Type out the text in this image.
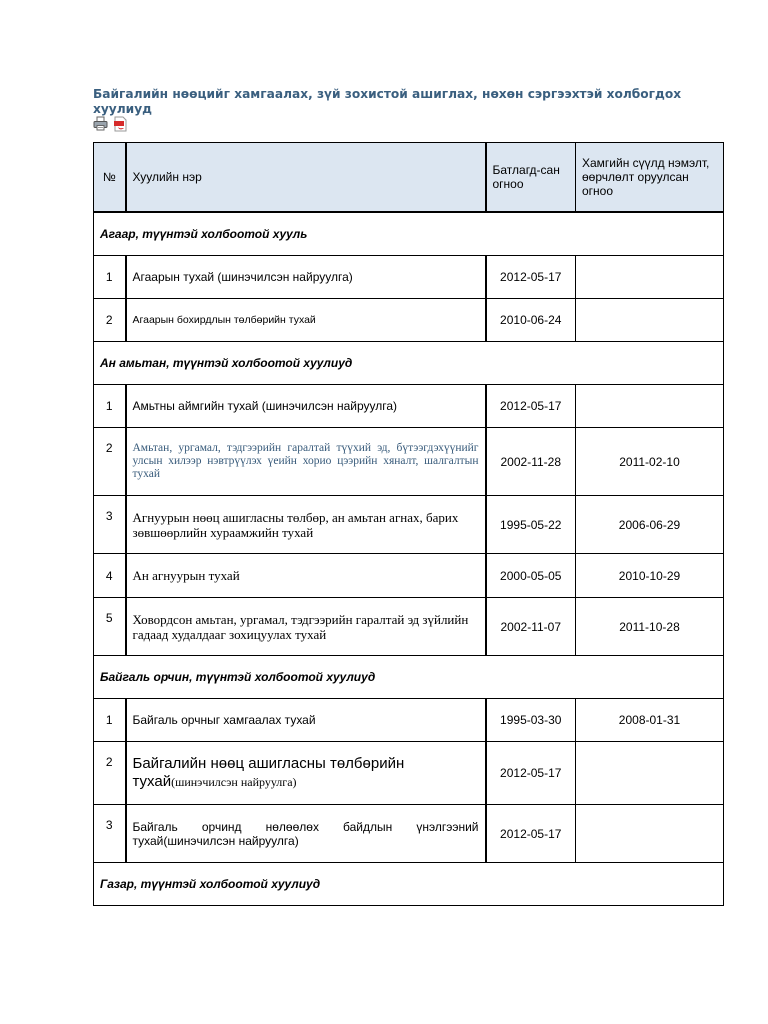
Байгалийн нөөцийг хамгаалах, зүй зохистой ашиглах, нөхөн сэргээхтэй холбогдох хуулиуд

№	Хуулийн нэр	Батлагд-сан огноо	Хамгийн сүүлд нэмэлт, өөрчлөлт оруулсан огноо
Агаар, түүнтэй холбоотой хууль			
1	Агаарын тухай (шинэчилсэн найруулга)	2012-05-17	
2	Агаарын бохирдлын төлбөрийн тухай	2010-06-24	
Ан амьтан, түүнтэй холбоотой хуулиуд			
1	Амьтны аймгийн тухай (шинэчилсэн найруулга)	2012-05-17	
2	Амьтан, ургамал, тэдгээрийн гаралтай түүхий эд, бүтээгдэхүүнийг улсын хилээр нэвтрүүлэх үеийн хорио цээрийн хяналт, шалгалтын тухай	2002-11-28	2011-02-10
3	Агнуурын нөөц ашигласны төлбөр, ан амьтан агнах, барих зөвшөөрлийн хураамжийн тухай	1995-05-22	2006-06-29
4	Ан агнуурын тухай	2000-05-05	2010-10-29
5	Ховордсон амьтан, ургамал, тэдгээрийн гаралтай эд зүйлийн гадаад худалдааг зохицуулах тухай	2002-11-07	2011-10-28
Байгаль орчин, түүнтэй холбоотой хуулиуд			
1	Байгаль орчныг хамгаалах тухай	1995-03-30	2008-01-31
2	Байгалийн нөөц ашигласны төлбөрийн тухай(шинэчилсэн найруулга)	2012-05-17	
3	Байгаль орчинд нөлөөлөх байдлын үнэлгээний тухай(шинэчилсэн найруулга)	2012-05-17	
Газар, түүнтэй холбоотой хуулиуд			
